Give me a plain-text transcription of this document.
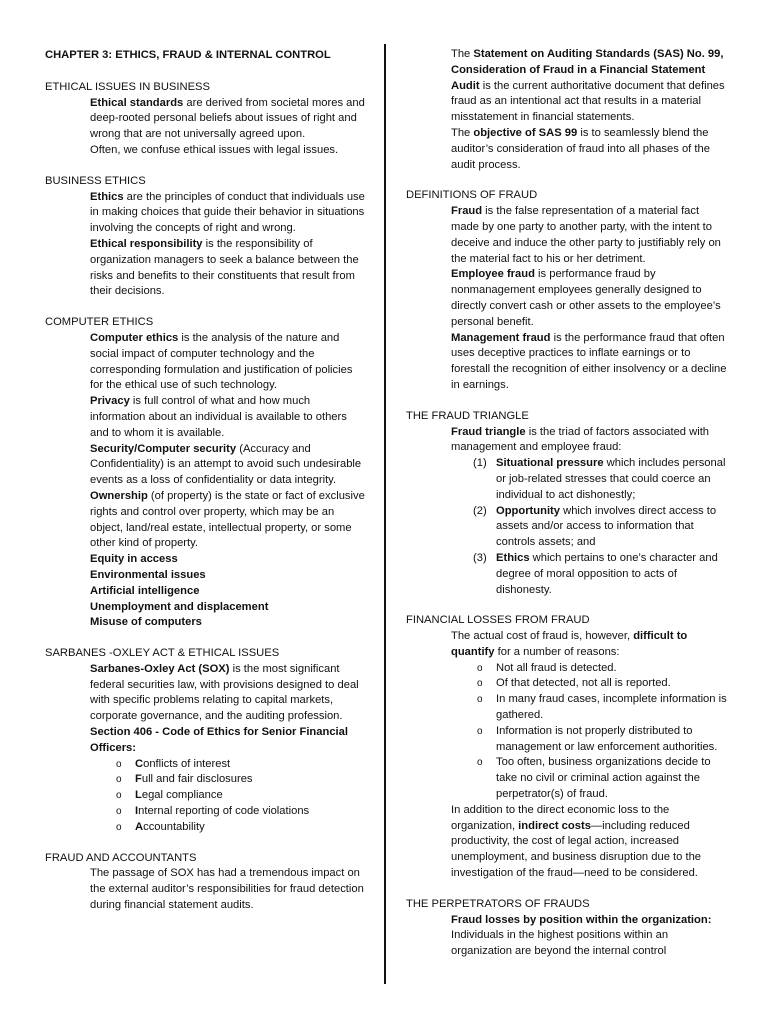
CHAPTER 3: ETHICS, FRAUD & INTERNAL CONTROL
ETHICAL ISSUES IN BUSINESS
Ethical standards are derived from societal mores and deep-rooted personal beliefs about issues of right and wrong that are not universally agreed upon.
Often, we confuse ethical issues with legal issues.
BUSINESS ETHICS
Ethics are the principles of conduct that individuals use in making choices that guide their behavior in situations involving the concepts of right and wrong.
Ethical responsibility is the responsibility of organization managers to seek a balance between the risks and benefits to their constituents that result from their decisions.
COMPUTER ETHICS
Computer ethics is the analysis of the nature and social impact of computer technology and the corresponding formulation and justification of policies for the ethical use of such technology.
Privacy is full control of what and how much information about an individual is available to others and to whom it is available.
Security/Computer security (Accuracy and Confidentiality) is an attempt to avoid such undesirable events as a loss of confidentiality or data integrity.
Ownership (of property) is the state or fact of exclusive rights and control over property, which may be an object, land/real estate, intellectual property, or some other kind of property.
Equity in access
Environmental issues
Artificial intelligence
Unemployment and displacement
Misuse of computers
SARBANES -OXLEY ACT & ETHICAL ISSUES
Sarbanes-Oxley Act (SOX) is the most significant federal securities law, with provisions designed to deal with specific problems relating to capital markets, corporate governance, and the auditing profession.
Section 406 - Code of Ethics for Senior Financial Officers:
o Conflicts of interest
o Full and fair disclosures
o Legal compliance
o Internal reporting of code violations
o Accountability
FRAUD AND ACCOUNTANTS
The passage of SOX has had a tremendous impact on the external auditor’s responsibilities for fraud detection during financial statement audits.
The Statement on Auditing Standards (SAS) No. 99, Consideration of Fraud in a Financial Statement Audit is the current authoritative document that defines fraud as an intentional act that results in a material misstatement in financial statements.
The objective of SAS 99 is to seamlessly blend the auditor’s consideration of fraud into all phases of the audit process.
DEFINITIONS OF FRAUD
Fraud is the false representation of a material fact made by one party to another party, with the intent to deceive and induce the other party to justifiably rely on the material fact to his or her detriment.
Employee fraud is performance fraud by nonmanagement employees generally designed to directly convert cash or other assets to the employee’s personal benefit.
Management fraud is the performance fraud that often uses deceptive practices to inflate earnings or to forestall the recognition of either insolvency or a decline in earnings.
THE FRAUD TRIANGLE
Fraud triangle is the triad of factors associated with management and employee fraud:
(1) Situational pressure which includes personal or job-related stresses that could coerce an individual to act dishonestly;
(2) Opportunity which involves direct access to assets and/or access to information that controls assets; and
(3) Ethics which pertains to one’s character and degree of moral opposition to acts of dishonesty.
FINANCIAL LOSSES FROM FRAUD
The actual cost of fraud is, however, difficult to quantify for a number of reasons:
o Not all fraud is detected.
o Of that detected, not all is reported.
o In many fraud cases, incomplete information is gathered.
o Information is not properly distributed to management or law enforcement authorities.
o Too often, business organizations decide to take no civil or criminal action against the perpetrator(s) of fraud.
In addition to the direct economic loss to the organization, indirect costs—including reduced productivity, the cost of legal action, increased unemployment, and business disruption due to the investigation of the fraud—need to be considered.
THE PERPETRATORS OF FRAUDS
Fraud losses by position within the organization: Individuals in the highest positions within an organization are beyond the internal control
